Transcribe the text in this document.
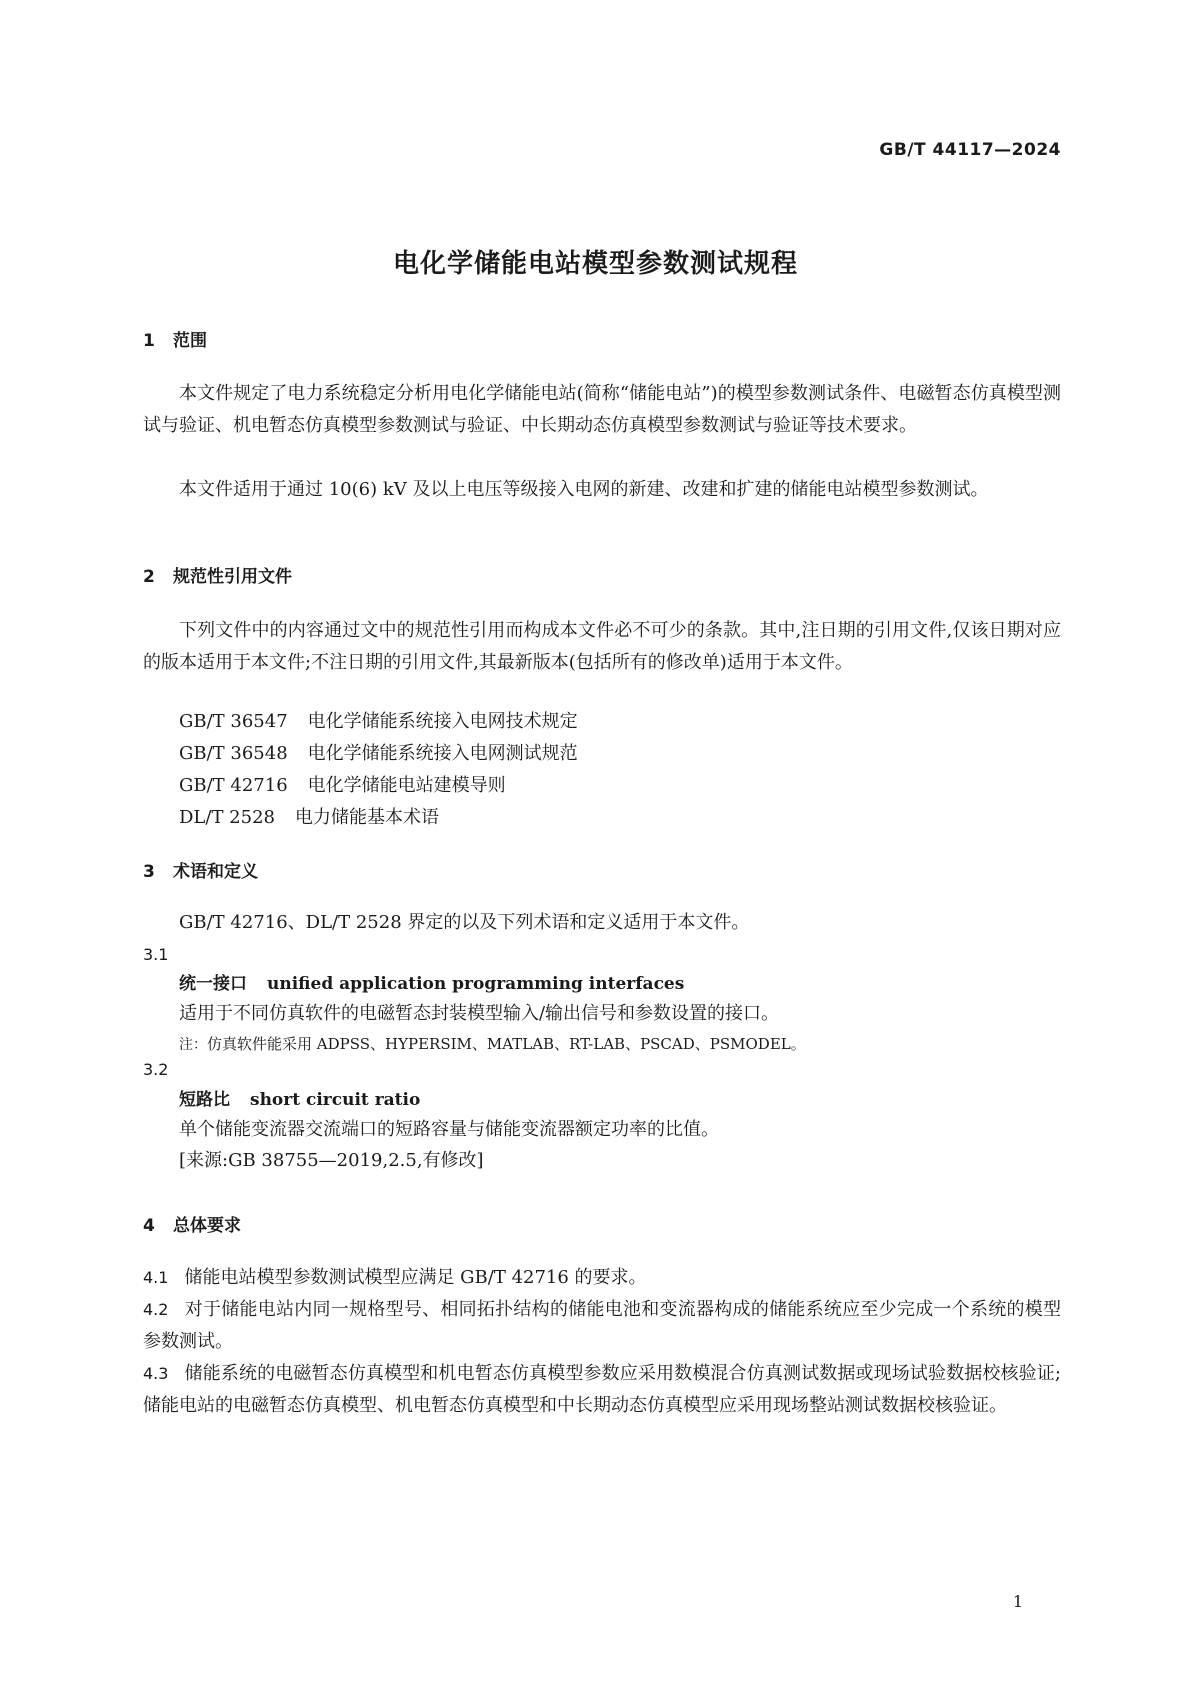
GB/T 44117—2024
电化学储能电站模型参数测试规程
1 范围
本文件规定了电力系统稳定分析用电化学储能电站(简称“储能电站”)的模型参数测试条件、电磁暂态仿真模型测试与验证、机电暂态仿真模型参数测试与验证、中长期动态仿真模型参数测试与验证等技术要求。
本文件适用于通过 10(6) kV 及以上电压等级接入电网的新建、改建和扩建的储能电站模型参数测试。
2 规范性引用文件
下列文件中的内容通过文中的规范性引用而构成本文件必不可少的条款。其中,注日期的引用文件,仅该日期对应的版本适用于本文件;不注日期的引用文件,其最新版本(包括所有的修改单)适用于本文件。
GB/T 36547 电化学储能系统接入电网技术规定
GB/T 36548 电化学储能系统接入电网测试规范
GB/T 42716 电化学储能电站建模导则
DL/T 2528 电力储能基本术语
3 术语和定义
GB/T 42716、DL/T 2528 界定的以及下列术语和定义适用于本文件。
3.1
统一接口 unified application programming interfaces
适用于不同仿真软件的电磁暂态封装模型输入/输出信号和参数设置的接口。
注：仿真软件能采用 ADPSS、HYPERSIM、MATLAB、RT-LAB、PSCAD、PSMODEL。
3.2
短路比 short circuit ratio
单个储能变流器交流端口的短路容量与储能变流器额定功率的比值。
[来源:GB 38755—2019,2.5,有修改]
4 总体要求
4.1 储能电站模型参数测试模型应满足 GB/T 42716 的要求。
4.2 对于储能电站内同一规格型号、相同拓扑结构的储能电池和变流器构成的储能系统应至少完成一个系统的模型参数测试。
4.3 储能系统的电磁暂态仿真模型和机电暂态仿真模型参数应采用数模混合仿真测试数据或现场试验数据校核验证;储能电站的电磁暂态仿真模型、机电暂态仿真模型和中长期动态仿真模型应采用现场整站测试数据校核验证。
1
